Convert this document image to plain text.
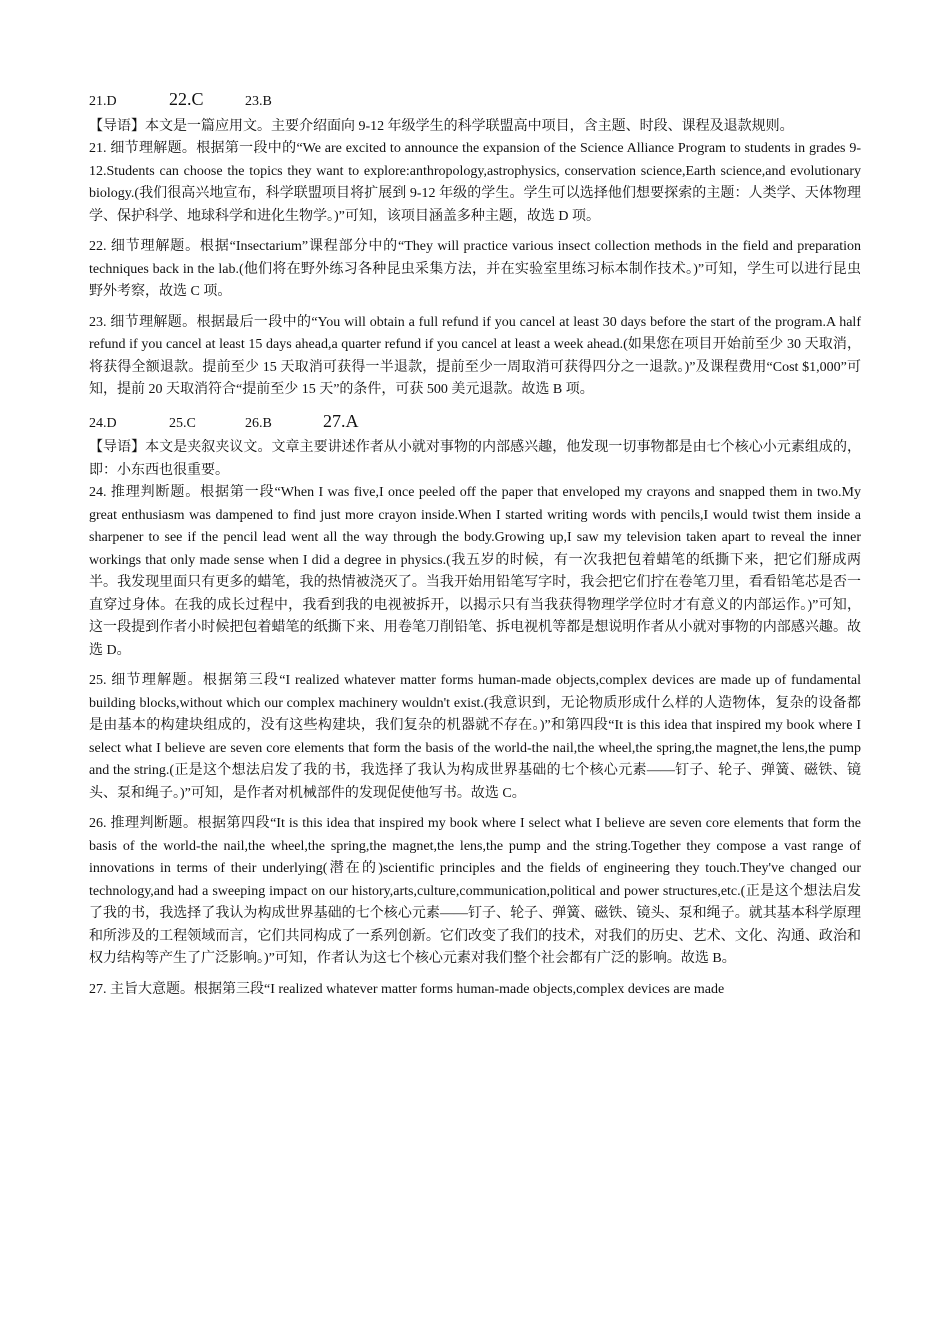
21.D	22.C	23.B

【导语】本文是一篇应用文。主要介绍面向 9-12 年级学生的科学联盟高中项目，含主题、时段、课程及退款规则。

21. 细节理解题。根据第一段中的“We are excited to announce the expansion of the Science Alliance Program to students in grades 9-12.Students can choose the topics they want to explore:anthropology,astrophysics, conservation science,Earth science,and evolutionary biology.(我们很高兴地宣布，科学联盟项目将扩展到 9-12 年级的学生。学生可以选择他们想要探索的主题：人类学、天体物理学、保护科学、地球科学和进化生物学。)”可知，该项目涵盖多种主题，故选 D 项。

22. 细节理解题。根据“Insectarium”课程部分中的“They will practice various insect collection methods in the field and preparation techniques back in the lab.(他们将在野外练习各种昆虫采集方法，并在实验室里练习标本制作技术。)”可知，学生可以进行昆虫野外考察，故选 C 项。

23. 细节理解题。根据最后一段中的“You will obtain a full refund if you cancel at least 30 days before the start of the program.A half refund if you cancel at least 15 days ahead,a quarter refund if you cancel at least a week ahead.(如果您在项目开始前至少 30 天取消，将获得全额退款。提前至少 15 天取消可获得一半退款，提前至少一周取消可获得四分之一退款。)”及课程费用“Cost $1,000”可知，提前 20 天取消符合“提前至少 15 天”的条件，可获 500 美元退款。故选 B 项。

24.D	25.C	26.B	27.A

【导语】本文是夹叙夹议文。文章主要讲述作者从小就对事物的内部感兴趣，他发现一切事物都是由七个核心小元素组成的，即：小东西也很重要。

24. 推理判断题。根据第一段“When I was five,I once peeled off the paper that enveloped my crayons and snapped them in two.My great enthusiasm was dampened to find just more crayon inside.When I started writing words with pencils,I would twist them inside a sharpener to see if the pencil lead went all the way through the body.Growing up,I saw my television taken apart to reveal the inner workings that only made sense when I did a degree in physics.(我五岁的时候，有一次我把包着蜡笔的纸撕下来，把它们掰成两半。我发现里面只有更多的蜡笔，我的热情被浇灭了。当我开始用铅笔写字时，我会把它们拧在卷笔刀里，看看铅笔芯是否一直穿过身体。在我的成长过程中，我看到我的电视被拆开，以揭示只有当我获得物理学学位时才有意义的内部运作。)”可知，这一段提到作者小时候把包着蜡笔的纸撕下来、用卷笔刀削铅笔、拆电视机等都是想说明作者从小就对事物的内部感兴趣。故选 D。

25. 细节理解题。根据第三段“I realized whatever matter forms human-made objects,complex devices are made up of fundamental building blocks,without which our complex machinery wouldn't exist.(我意识到，无论物质形成什么样的人造物体，复杂的设备都是由基本的构建块组成的，没有这些构建块，我们复杂的机器就不存在。)”和第四段“It is this idea that inspired my book where I select what I believe are seven core elements that form the basis of the world-the nail,the wheel,the spring,the magnet,the lens,the pump and the string.(正是这个想法启发了我的书，我选择了我认为构成世界基础的七个核心元素——钉子、轮子、弹簧、磁铁、镜头、泵和绳子。)”可知，是作者对机械部件的发现促使他写书。故选 C。

26. 推理判断题。根据第四段“It is this idea that inspired my book where I select what I believe are seven core elements that form the basis of the world-the nail,the wheel,the spring,the magnet,the lens,the pump and the string.Together they compose a vast range of innovations in terms of their underlying(潜在的)scientific principles and the fields of engineering they touch.They've changed our technology,and had a sweeping impact on our history,arts,culture,communication,political and power structures,etc.(正是这个想法启发了我的书，我选择了我认为构成世界基础的七个核心元素——钉子、轮子、弹簧、磁铁、镜头、泵和绳子。就其基本科学原理和所涉及的工程领域而言，它们共同构成了一系列创新。它们改变了我们的技术，对我们的历史、艺术、文化、沟通、政治和权力结构等产生了广泛影响。)”可知，作者认为这七个核心元素对我们整个社会都有广泛的影响。故选 B。

27. 主旨大意题。根据第三段“I realized whatever matter forms human-made objects,complex devices are made
